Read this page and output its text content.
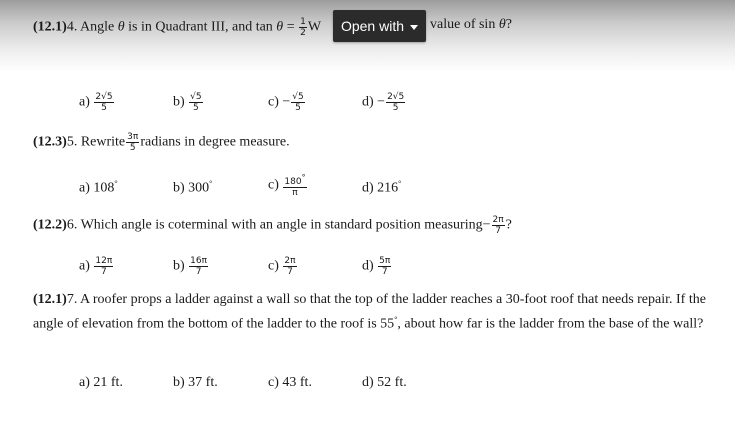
(12.1)4. Angle θ is in Quadrant III, and $\tan \theta = \frac{1}{2}$ W	value of sin θ?
Open with
$a) \frac{2√5}{5}$	$b) \frac{√5}{5}$	$c) - \frac{√5}{5}$	$d) - \frac{2√5}{5}$
(12.3)5. Rewrite $\frac{3\pi}{5}$ radians in degree measure.
a) 108°	b) 300°	$c) \frac{180^\circ}{\pi}$	d) 216°
(12.2)6. Which angle is coterminal with an angle in standard position measuring− $\frac{2\pi}{7}$ ?
$a) \frac{12\pi}{7}$	$b) \frac{16\pi}{7}$	$c) \frac{2\pi}{7}$	$d) \frac{5\pi}{7}$
(12.1)7. A roofer props a ladder against a wall so that the top of the ladder reaches a 30-foot roof that needs repair. If the angle of elevation from the bottom of the ladder to the roof is 55°, about how far is the ladder from the base of the wall?
a) 21 ft.	b) 37 ft.	c) 43 ft.	d) 52 ft.
